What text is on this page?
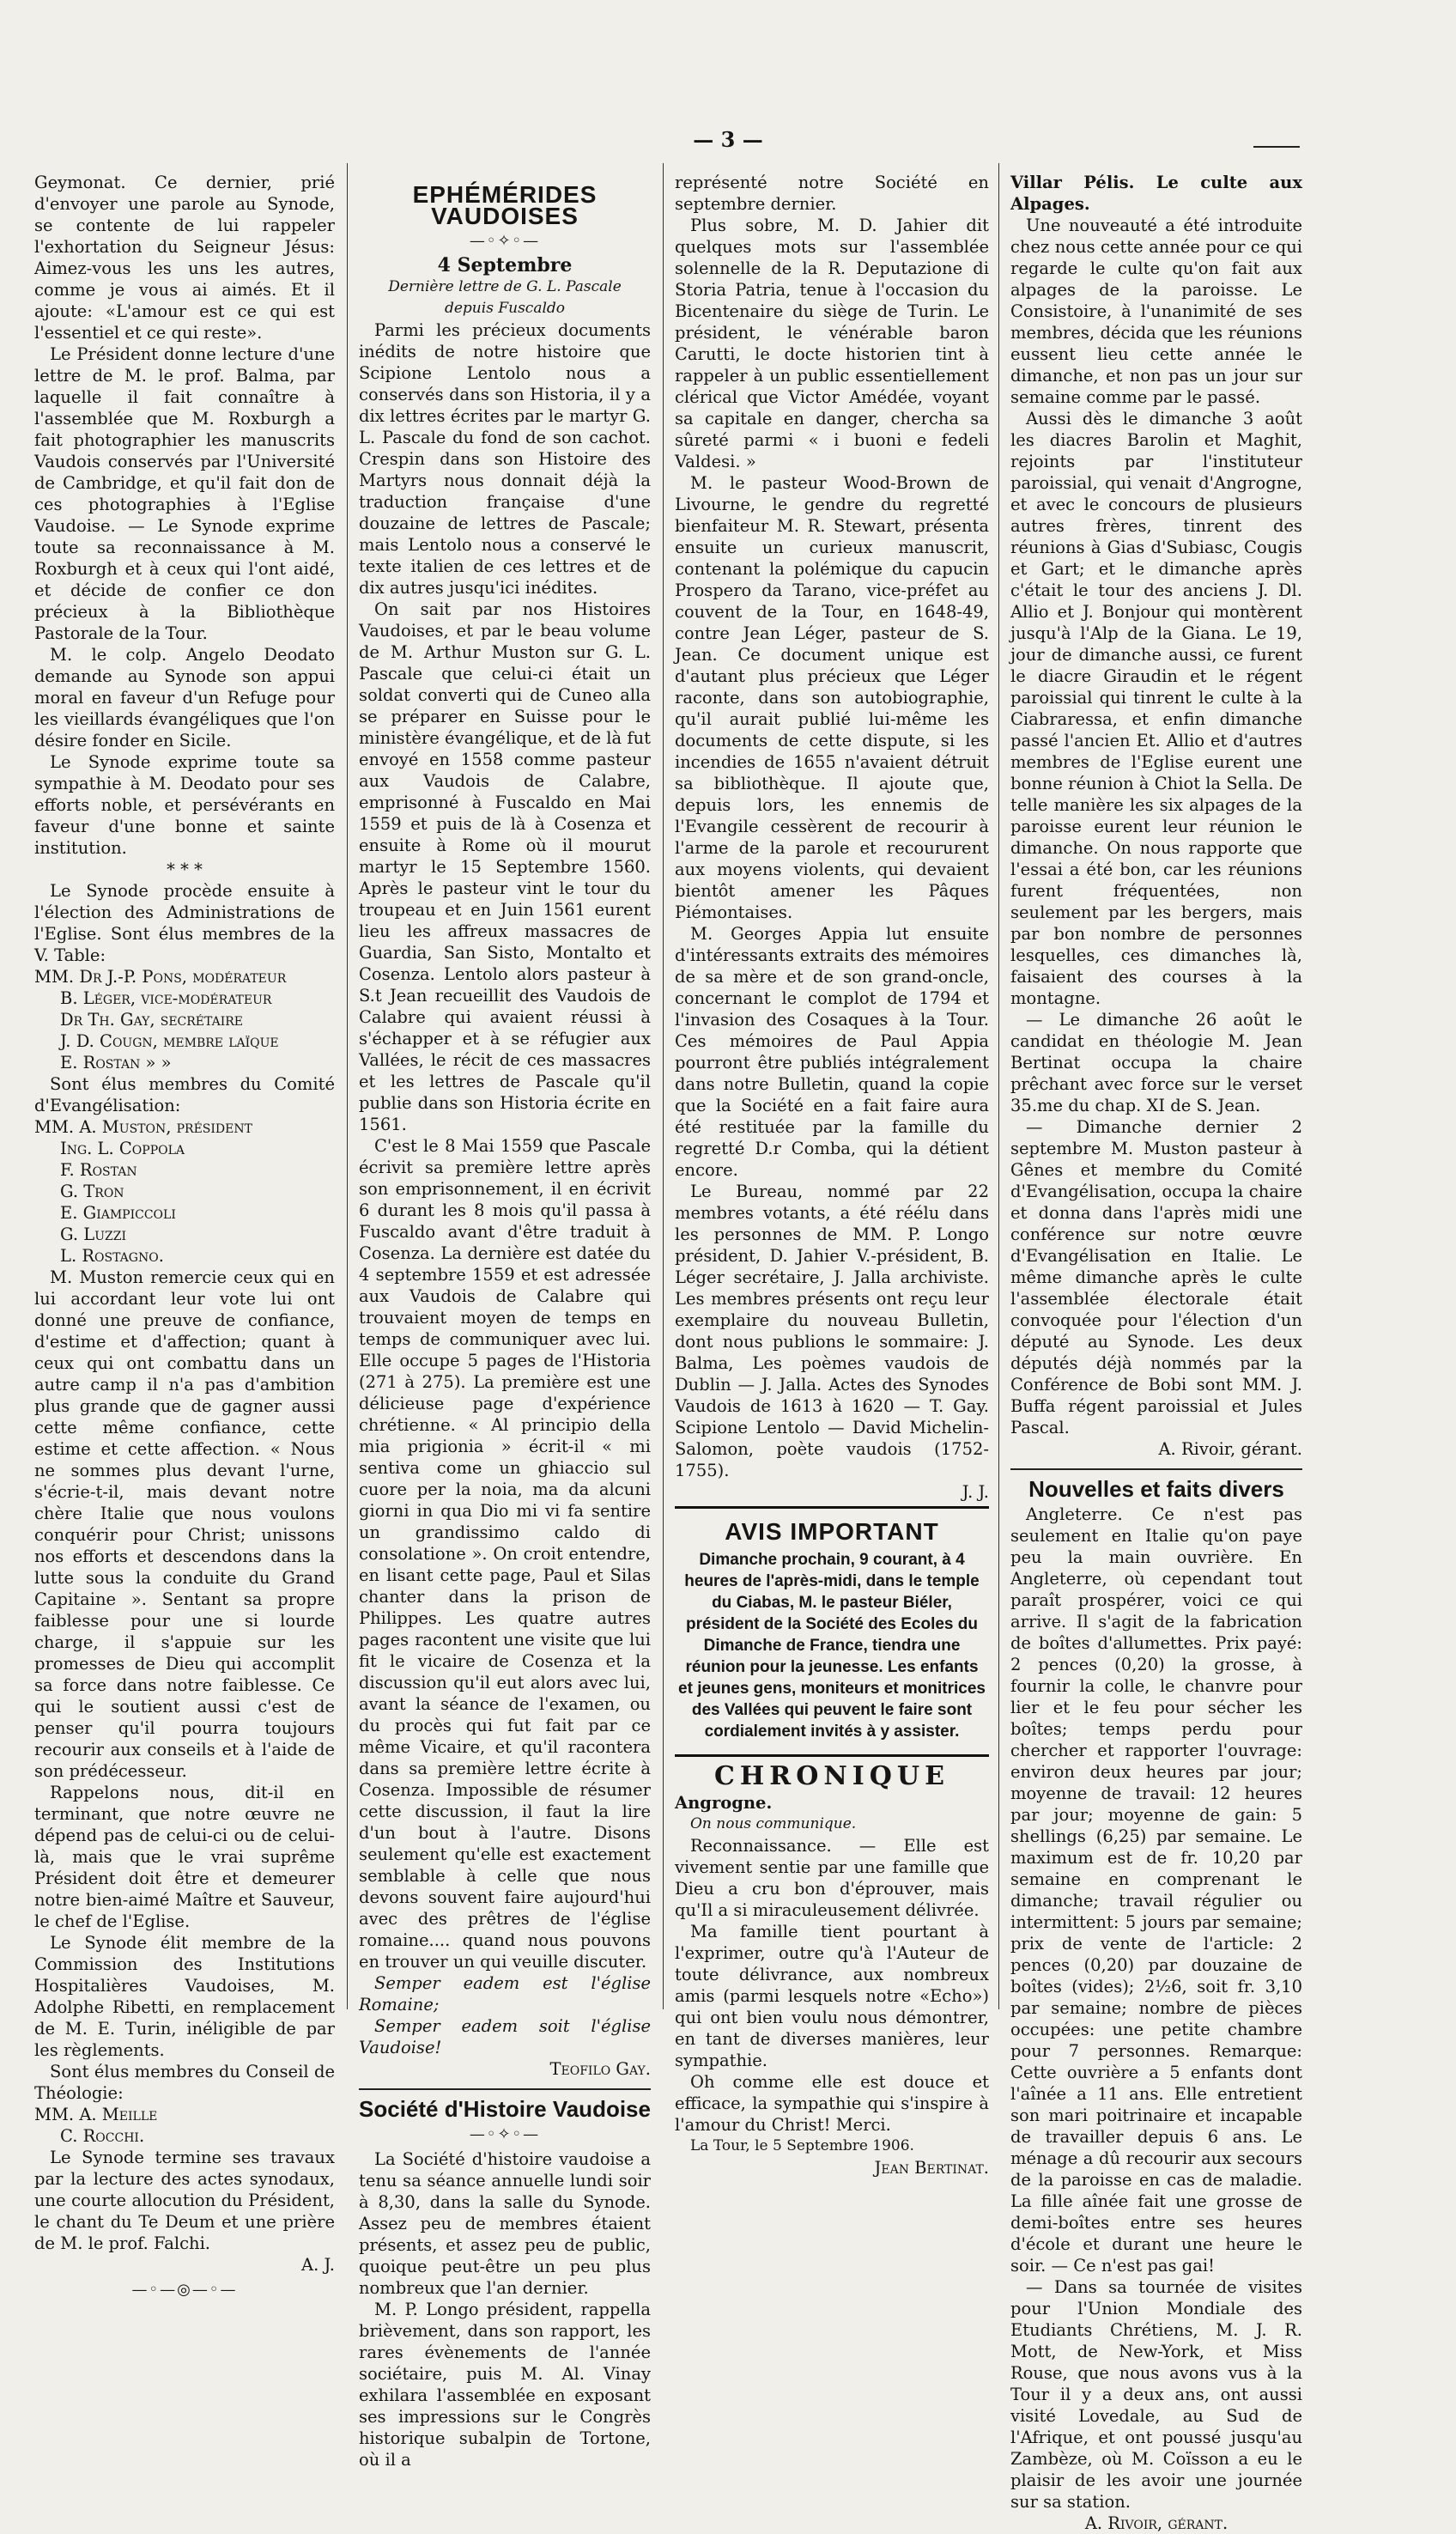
— 3 —

Geymonat. Ce dernier, prié d'envoyer une parole au Synode, se contente de lui rappeler l'exhortation du Seigneur Jésus: Aimez-vous les uns les autres, comme je vous ai aimés. Et il ajoute: «L'amour est ce qui est l'essentiel et ce qui reste».

Le Président donne lecture d'une lettre de M. le prof. Balma, par laquelle il fait connaître à l'assemblée que M. Roxburgh a fait photographier les manuscrits Vaudois conservés par l'Université de Cambridge, et qu'il fait don de ces photographies à l'Eglise Vaudoise. — Le Synode exprime toute sa reconnaissance à M. Roxburgh et à ceux qui l'ont aidé, et décide de confier ce don précieux à la Bibliothèque Pastorale de la Tour.

M. le colp. Angelo Deodato demande au Synode son appui moral en faveur d'un Refuge pour les vieillards évangéliques que l'on désire fonder en Sicile.

Le Synode exprime toute sa sympathie à M. Deodato pour ses efforts noble, et persévérants en faveur d'une bonne et sainte institution.

* * *

Le Synode procède ensuite à l'élection des Administrations de l'Eglise. Sont élus membres de la V. Table:

MM. Dr J.-P. Pons, modérateur
B. Léger, vice-modérateur
Dr Th. Gay, secrétaire
J. D. Cougn, membre laïque
E. Rostan » »

Sont élus membres du Comité d'Evangélisation:

MM. A. Muston, président
Ing. L. Coppola
F. Rostan
G. Tron
E. Giampiccoli
G. Luzzi
L. Rostagno.

M. Muston remercie ceux qui en lui accordant leur vote lui ont donné une preuve de confiance, d'estime et d'affection; quant à ceux qui ont combattu dans un autre camp il n'a pas d'ambition plus grande que de gagner aussi cette même confiance, cette estime et cette affection. « Nous ne sommes plus devant l'urne, s'écrie-t-il, mais devant notre chère Italie que nous voulons conquérir pour Christ; unissons nos efforts et descendons dans la lutte sous la conduite du Grand Capitaine ». Sentant sa propre faiblesse pour une si lourde charge, il s'appuie sur les promesses de Dieu qui accomplit sa force dans notre faiblesse. Ce qui le soutient aussi c'est de penser qu'il pourra toujours recourir aux conseils et à l'aide de son prédécesseur.

Rappelons nous, dit-il en terminant, que notre œuvre ne dépend pas de celui-ci ou de celui-là, mais que le vrai suprême Président doit être et demeurer notre bien-aimé Maître et Sauveur, le chef de l'Eglise.

Le Synode élit membre de la Commission des Institutions Hospitalières Vaudoises, M. Adolphe Ribetti, en remplacement de M. E. Turin, inéligible de par les règlements.

Sont élus membres du Conseil de Théologie:

MM. A. Meille
C. Rocchi.

Le Synode termine ses travaux par la lecture des actes synodaux, une courte allocution du Président, le chant du Te Deum et une prière de M. le prof. Falchi.

A. J.

—◦—◎—◦—
EPHÉMÉRIDES VAUDOISES
—◦✧◦—
4 Septembre
Dernière lettre de G. L. Pascale
depuis Fuscaldo

Parmi les précieux documents inédits de notre histoire que Scipione Lentolo nous a conservés dans son Historia, il y a dix lettres écrites par le martyr G. L. Pascale du fond de son cachot. Crespin dans son Histoire des Martyrs nous donnait déjà la traduction française d'une douzaine de lettres de Pascale; mais Lentolo nous a conservé le texte italien de ces lettres et de dix autres jusqu'ici inédites.

On sait par nos Histoires Vaudoises, et par le beau volume de M. Arthur Muston sur G. L. Pascale que celui-ci était un soldat converti qui de Cuneo alla se préparer en Suisse pour le ministère évangélique, et de là fut envoyé en 1558 comme pasteur aux Vaudois de Calabre, emprisonné à Fuscaldo en Mai 1559 et puis de là à Cosenza et ensuite à Rome où il mourut martyr le 15 Septembre 1560. Après le pasteur vint le tour du troupeau et en Juin 1561 eurent lieu les affreux massacres de Guardia, San Sisto, Montalto et Cosenza. Lentolo alors pasteur à S.t Jean recueillit des Vaudois de Calabre qui avaient réussi à s'échapper et à se réfugier aux Vallées, le récit de ces massacres et les lettres de Pascale qu'il publie dans son Historia écrite en 1561.

C'est le 8 Mai 1559 que Pascale écrivit sa première lettre après son emprisonnement, il en écrivit 6 durant les 8 mois qu'il passa à Fuscaldo avant d'être traduit à Cosenza. La dernière est datée du 4 septembre 1559 et est adressée aux Vaudois de Calabre qui trouvaient moyen de temps en temps de communiquer avec lui. Elle occupe 5 pages de l'Historia (271 à 275). La première est une délicieuse page d'expérience chrétienne. « Al principio della mia prigionia » écrit-il « mi sentiva come un ghiaccio sul cuore per la noia, ma da alcuni giorni in qua Dio mi vi fa sentire un grandissimo caldo di consolatione ». On croit entendre, en lisant cette page, Paul et Silas chanter dans la prison de Philippes. Les quatre autres pages racontent une visite que lui fit le vicaire de Cosenza et la discussion qu'il eut alors avec lui, avant la séance de l'examen, ou du procès qui fut fait par ce même Vicaire, et qu'il racontera dans sa première lettre écrite à Cosenza. Impossible de résumer cette discussion, il faut la lire d'un bout à l'autre. Disons seulement qu'elle est exactement semblable à celle que nous devons souvent faire aujourd'hui avec des prêtres de l'église romaine.... quand nous pouvons en trouver un qui veuille discuter.

Semper eadem est l'église Romaine;

Semper eadem soit l'église Vaudoise!

Teofilo Gay.

Société d'Histoire Vaudoise
—◦✧◦—

La Société d'histoire vaudoise a tenu sa séance annuelle lundi soir à 8,30, dans la salle du Synode. Assez peu de membres étaient présents, et assez peu de public, quoique peut-être un peu plus nombreux que l'an dernier.

M. P. Longo président, rappella brièvement, dans son rapport, les rares évènements de l'année sociétaire, puis M. Al. Vinay exhilara l'assemblée en exposant ses impressions sur le Congrès historique subalpin de Tortone, où il a

représenté notre Société en septembre dernier.

Plus sobre, M. D. Jahier dit quelques mots sur l'assemblée solennelle de la R. Deputazione di Storia Patria, tenue à l'occasion du Bicentenaire du siège de Turin. Le président, le vénérable baron Carutti, le docte historien tint à rappeler à un public essentiellement clérical que Victor Amédée, voyant sa capitale en danger, chercha sa sûreté parmi « i buoni e fedeli Valdesi. »

M. le pasteur Wood-Brown de Livourne, le gendre du regretté bienfaiteur M. R. Stewart, présenta ensuite un curieux manuscrit, contenant la polémique du capucin Prospero da Tarano, vice-préfet au couvent de la Tour, en 1648-49, contre Jean Léger, pasteur de S. Jean. Ce document unique est d'autant plus précieux que Léger raconte, dans son autobiographie, qu'il aurait publié lui-même les documents de cette dispute, si les incendies de 1655 n'avaient détruit sa bibliothèque. Il ajoute que, depuis lors, les ennemis de l'Evangile cessèrent de recourir à l'arme de la parole et recoururent aux moyens violents, qui devaient bientôt amener les Pâques Piémontaises.

M. Georges Appia lut ensuite d'intéressants extraits des mémoires de sa mère et de son grand-oncle, concernant le complot de 1794 et l'invasion des Cosaques à la Tour. Ces mémoires de Paul Appia pourront être publiés intégralement dans notre Bulletin, quand la copie que la Société en a fait faire aura été restituée par la famille du regretté D.r Comba, qui la détient encore.

Le Bureau, nommé par 22 membres votants, a été réélu dans les personnes de MM. P. Longo président, D. Jahier V.-président, B. Léger secrétaire, J. Jalla archiviste. Les membres présents ont reçu leur exemplaire du nouveau Bulletin, dont nous publions le sommaire: J. Balma, Les poèmes vaudois de Dublin — J. Jalla. Actes des Synodes Vaudois de 1613 à 1620 — T. Gay. Scipione Lentolo — David Michelin-Salomon, poète vaudois (1752-1755).

J. J.

AVIS IMPORTANT
Dimanche prochain, 9 courant, à 4 heures de l'après-midi, dans le temple du Ciabas, M. le pasteur Biéler, président de la Société des Ecoles du Dimanche de France, tiendra une réunion pour la jeunesse. Les enfants et jeunes gens, moniteurs et monitrices des Vallées qui peuvent le faire sont cordialement invités à y assister.
CHRONIQUE

Angrogne.

On nous communique.

Reconnaissance. — Elle est vivement sentie par une famille que Dieu a cru bon d'éprouver, mais qu'Il a si miraculeusement délivrée.

Ma famille tient pourtant à l'exprimer, outre qu'à l'Auteur de toute délivrance, aux nombreux amis (parmi lesquels notre «Echo») qui ont bien voulu nous démontrer, en tant de diverses manières, leur sympathie.

Oh comme elle est douce et efficace, la sympathie qui s'inspire à l'amour du Christ! Merci.

La Tour, le 5 Septembre 1906.

Jean Bertinat.

Villar Pélis. Le culte aux Alpages.

Une nouveauté a été introduite chez nous cette année pour ce qui regarde le culte qu'on fait aux alpages de la paroisse. Le Consistoire, à l'unanimité de ses membres, décida que les réunions eussent lieu cette année le dimanche, et non pas un jour sur semaine comme par le passé.

Aussi dès le dimanche 3 août les diacres Barolin et Maghit, rejoints par l'instituteur paroissial, qui venait d'Angrogne, et avec le concours de plusieurs autres frères, tinrent des réunions à Gias d'Subiasc, Cougis et Gart; et le dimanche après c'était le tour des anciens J. Dl. Allio et J. Bonjour qui montèrent jusqu'à l'Alp de la Giana. Le 19, jour de dimanche aussi, ce furent le diacre Giraudin et le régent paroissial qui tinrent le culte à la Ciabraressa, et enfin dimanche passé l'ancien Et. Allio et d'autres membres de l'Eglise eurent une bonne réunion à Chiot la Sella. De telle manière les six alpages de la paroisse eurent leur réunion le dimanche. On nous rapporte que l'essai a été bon, car les réunions furent fréquentées, non seulement par les bergers, mais par bon nombre de personnes lesquelles, ces dimanches là, faisaient des courses à la montagne.

— Le dimanche 26 août le candidat en théologie M. Jean Bertinat occupa la chaire prêchant avec force sur le verset 35.me du chap. XI de S. Jean.

— Dimanche dernier 2 septembre M. Muston pasteur à Gênes et membre du Comité d'Evangélisation, occupa la chaire et donna dans l'après midi une conférence sur notre œuvre d'Evangélisation en Italie. Le même dimanche après le culte l'assemblée électorale était convoquée pour l'élection d'un député au Synode. Les deux députés déjà nommés par la Conférence de Bobi sont MM. J. Buffa régent paroissial et Jules Pascal.

A. Rivoir, gérant.

Nouvelles et faits divers

Angleterre. Ce n'est pas seulement en Italie qu'on paye peu la main ouvrière. En Angleterre, où cependant tout paraît prospérer, voici ce qui arrive. Il s'agit de la fabrication de boîtes d'allumettes. Prix payé: 2 pences (0,20) la grosse, à fournir la colle, le chanvre pour lier et le feu pour sécher les boîtes; temps perdu pour chercher et rapporter l'ouvrage: environ deux heures par jour; moyenne de travail: 12 heures par jour; moyenne de gain: 5 shellings (6,25) par semaine. Le maximum est de fr. 10,20 par semaine en comprenant le dimanche; travail régulier ou intermittent: 5 jours par semaine; prix de vente de l'article: 2 pences (0,20) par douzaine de boîtes (vides); 2½6, soit fr. 3,10 par semaine; nombre de pièces occupées: une petite chambre pour 7 personnes. Remarque: Cette ouvrière a 5 enfants dont l'aînée a 11 ans. Elle entretient son mari poitrinaire et incapable de travailler depuis 6 ans. Le ménage a dû recourir aux secours de la paroisse en cas de maladie. La fille aînée fait une grosse de demi-boîtes entre ses heures d'école et durant une heure le soir. — Ce n'est pas gai!

— Dans sa tournée de visites pour l'Union Mondiale des Etudiants Chrétiens, M. J. R. Mott, de New-York, et Miss Rouse, que nous avons vus à la Tour il y a deux ans, ont aussi visité Lovedale, au Sud de l'Afrique, et ont poussé jusqu'au Zambèze, où M. Coïsson a eu le plaisir de les avoir une journée sur sa station.

A. Rivoir, gérant.
